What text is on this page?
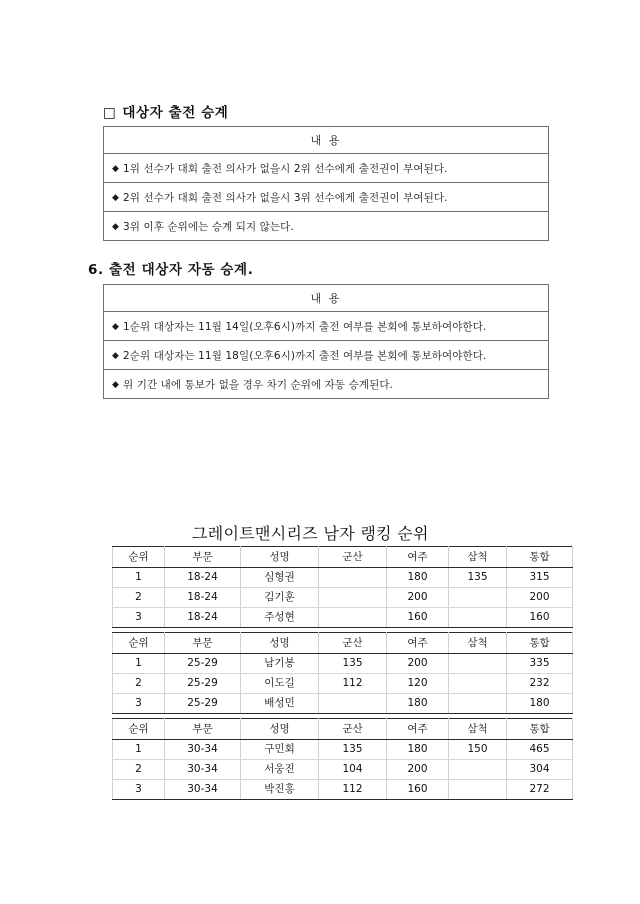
□ 대상자 출전 승계
내 용
◆ 1위 선수가 대회 출전 의사가 없을시 2위 선수에게 출전권이 부여된다.
◆ 2위 선수가 대회 출전 의사가 없을시 3위 선수에게 출전권이 부여된다.
◆ 3위 이후 순위에는 승계 되지 않는다.
6. 출전 대상자 자동 승계.
내 용
◆ 1순위 대상자는 11월 14일(오후6시)까지 출전 여부를 본회에 통보하여야한다.
◆ 2순위 대상자는 11월 18일(오후6시)까지 출전 여부를 본회에 통보하여야한다.
◆ 위 기간 내에 통보가 없을 경우 차기 순위에 자동 승계된다.
그레이트맨시리즈 남자 랭킹 순위
순위	부문	성명	군산	여주	삼척	통합
1	18-24	심형권		180	135	315
2	18-24	김기훈		200		200
3	18-24	주성현		160		160
순위	부문	성명	군산	여주	삼척	통합
1	25-29	남기봉	135	200		335
2	25-29	이도길	112	120		232
3	25-29	배성민		180		180
순위	부문	성명	군산	여주	삼척	통합
1	30-34	구민회	135	180	150	465
2	30-34	서웅진	104	200		304
3	30-34	박진홍	112	160		272
